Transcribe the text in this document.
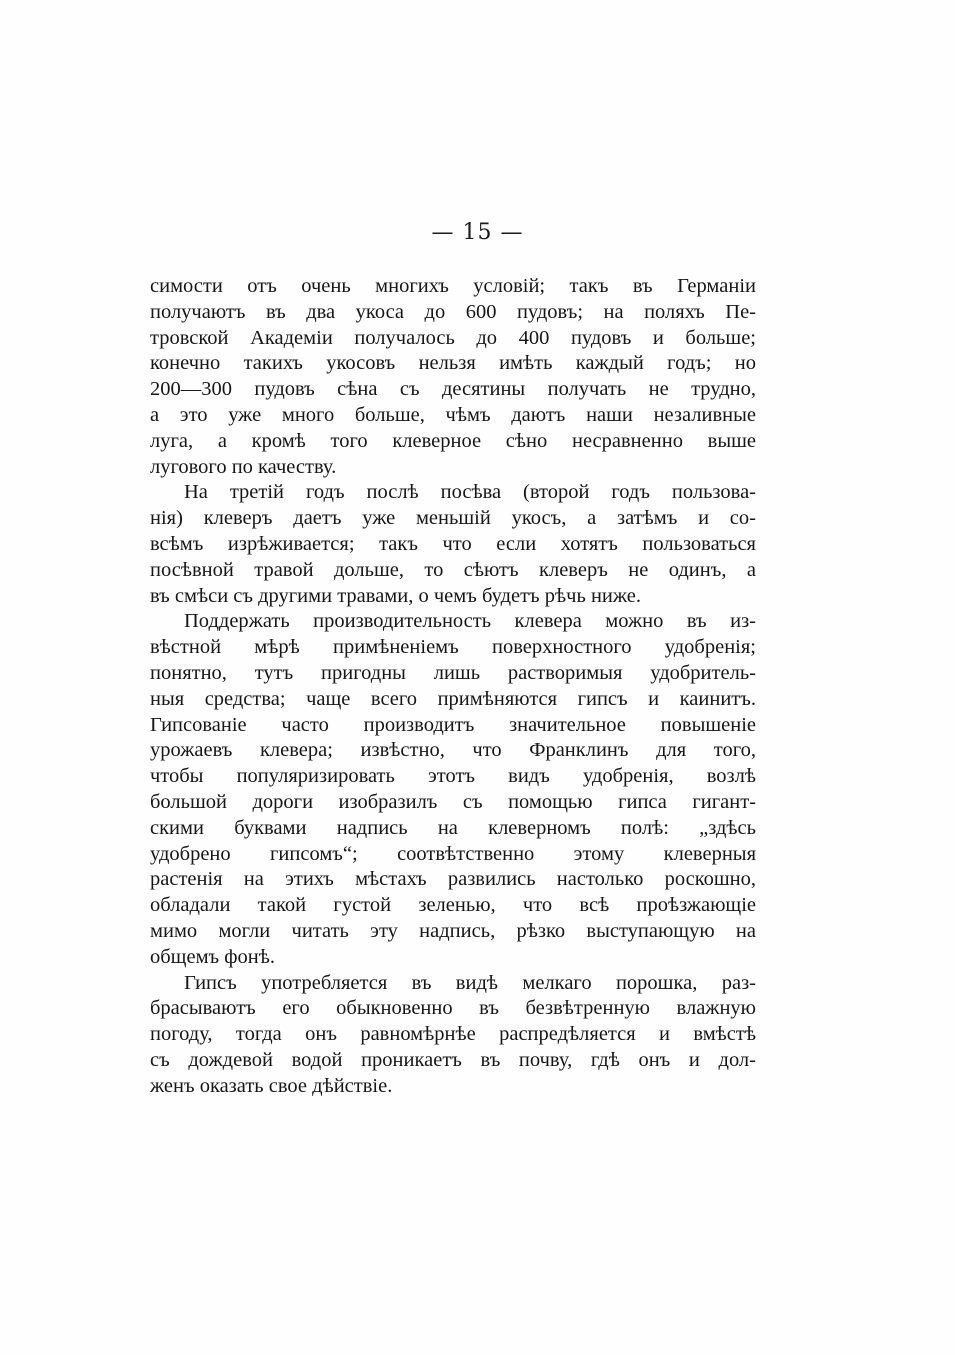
— 15 —
симости отъ очень многихъ условій; такъ въ Германіи
получаютъ въ два укоса до 600 пудовъ; на поляхъ Пе-
тровской Академіи получалось до 400 пудовъ и больше;
конечно такихъ укосовъ нельзя имѣть каждый годъ; но
200—300 пудовъ сѣна съ десятины получать не трудно,
а это уже много больше, чѣмъ даютъ наши незаливные
луга, а кромѣ того клеверное сѣно несравненно выше
лугового по качеству.
На третій годъ послѣ посѣва (второй годъ пользова-
нія) клеверъ даетъ уже меньшій укосъ, а затѣмъ и со-
всѣмъ изрѣживается; такъ что если хотятъ пользоваться
посѣвной травой дольше, то сѣютъ клеверъ не одинъ, а
въ смѣси съ другими травами, о чемъ будетъ рѣчь ниже.
Поддержать производительность клевера можно въ из-
вѣстной мѣрѣ примѣненіемъ поверхностного удобренія;
понятно, тутъ пригодны лишь растворимыя удобритель-
ныя средства; чаще всего примѣняются гипсъ и каинитъ.
Гипсованіе часто производитъ значительное повышеніе
урожаевъ клевера; извѣстно, что Франклинъ для того,
чтобы популяризировать этотъ видъ удобренія, возлѣ
большой дороги изобразилъ съ помощью гипса гигант-
скими буквами надпись на клеверномъ полѣ: „здѣсь
удобрено гипсомъ“; соотвѣтственно этому клеверныя
растенія на этихъ мѣстахъ развились настолько роскошно,
обладали такой густой зеленью, что всѣ проѣзжающіе
мимо могли читать эту надпись, рѣзко выступающую на
общемъ фонѣ.
Гипсъ употребляется въ видѣ мелкаго порошка, раз-
брасываютъ его обыкновенно въ безвѣтренную влажную
погоду, тогда онъ равномѣрнѣе распредѣляется и вмѣстѣ
съ дождевой водой проникаетъ въ почву, гдѣ онъ и дол-
женъ оказать свое дѣйствіе.
